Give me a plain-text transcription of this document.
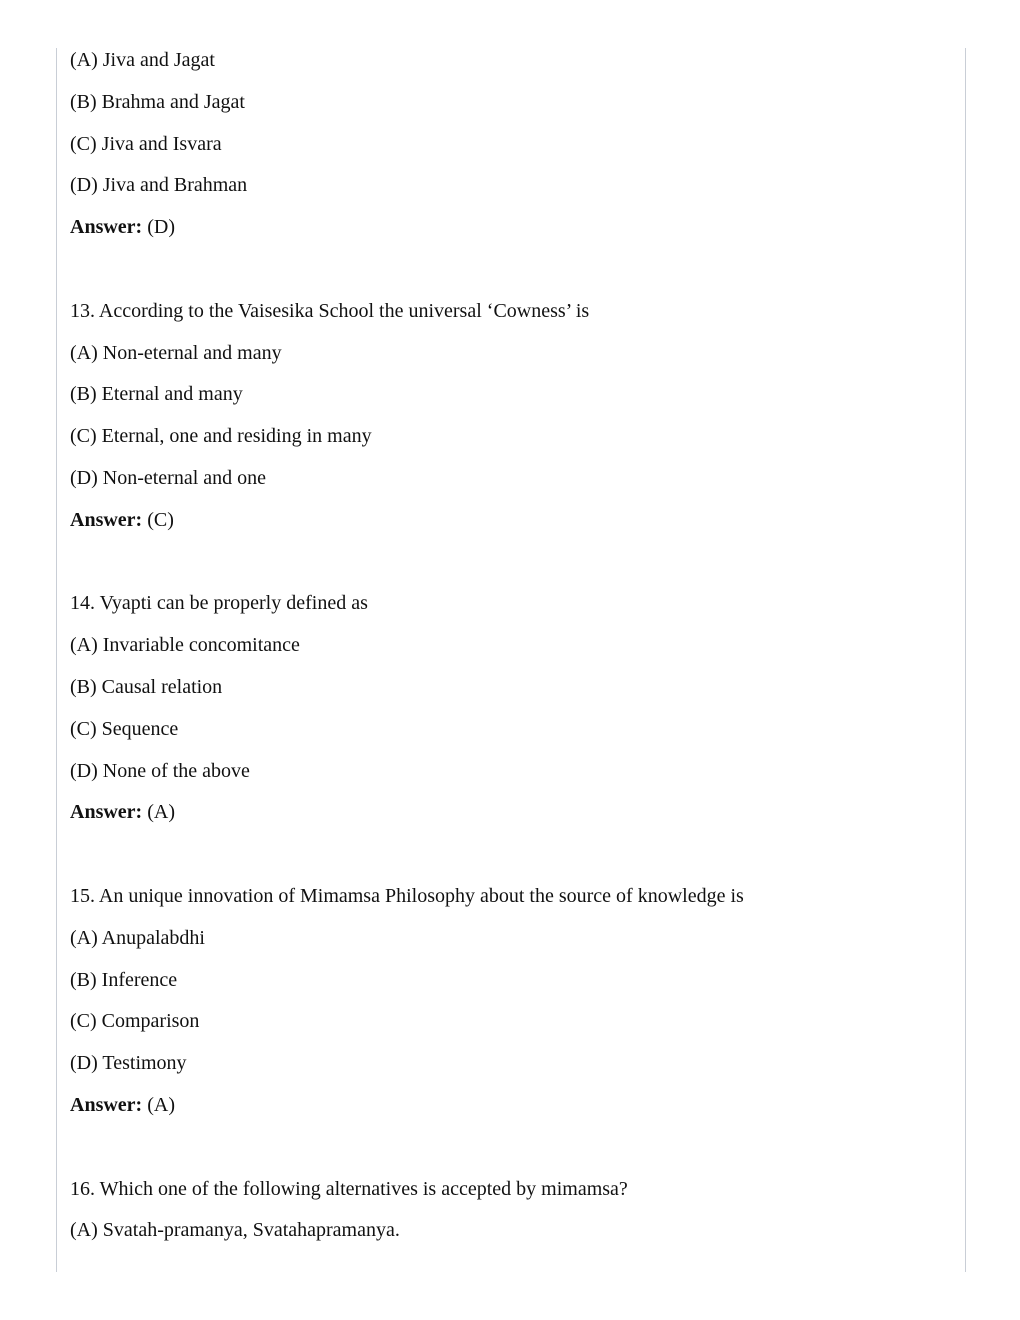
(A) Jiva and Jagat
(B) Brahma and Jagat
(C) Jiva and Isvara
(D) Jiva and Brahman
Answer: (D)
13. According to the Vaisesika School the universal ‘Cowness’ is
(A) Non-eternal and many
(B) Eternal and many
(C) Eternal, one and residing in many
(D) Non-eternal and one
Answer: (C)
14. Vyapti can be properly defined as
(A) Invariable concomitance
(B) Causal relation
(C) Sequence
(D) None of the above
Answer: (A)
15. An unique innovation of Mimamsa Philosophy about the source of knowledge is
(A) Anupalabdhi
(B) Inference
(C) Comparison
(D) Testimony
Answer: (A)
16. Which one of the following alternatives is accepted by mimamsa?
(A) Svatah-pramanya, Svatahapramanya.
